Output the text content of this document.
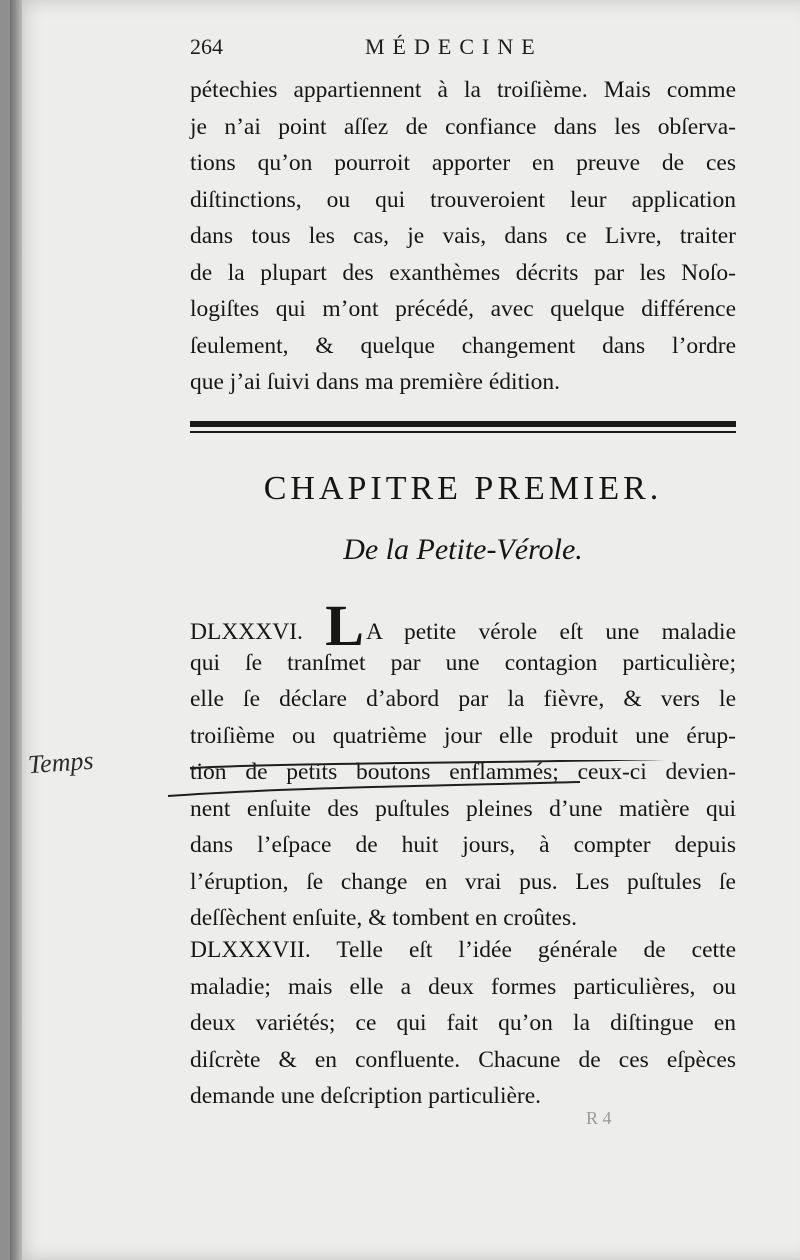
264	MÉDECINE
pétechies appartiennent à la troiſième. Mais comme
je n’ai point aſſez de confiance dans les obſerva-
tions qu’on pourroit apporter en preuve de ces
diſtinctions, ou qui trouveroient leur application
dans tous les cas, je vais, dans ce Livre, traiter
de la plupart des exanthèmes décrits par les Noſo-
logiſtes qui m’ont précédé, avec quelque différence
ſeulement, & quelque changement dans l’ordre
que j’ai ſuivi dans ma première édition.
CHAPITRE PREMIER.
De la Petite-Vérole.
DLXXXVI. LA petite vérole eſt une maladie
qui ſe tranſmet par une contagion particulière;
elle ſe déclare d’abord par la fièvre, & vers le
troiſième ou quatrième jour elle produit une érup-
tion de petits boutons enflammés; ceux-ci devien-
nent enſuite des puſtules pleines d’une matière qui
dans l’eſpace de huit jours, à compter depuis
l’éruption, ſe change en vrai pus. Les puſtules ſe
deſſèchent enſuite, & tombent en croûtes.
Temps
DLXXXVII. Telle eſt l’idée générale de cette
maladie; mais elle a deux formes particulières, ou
deux variétés; ce qui fait qu’on la diſtingue en
diſcrète & en confluente. Chacune de ces eſpèces
demande une deſcription particulière.
R 4
